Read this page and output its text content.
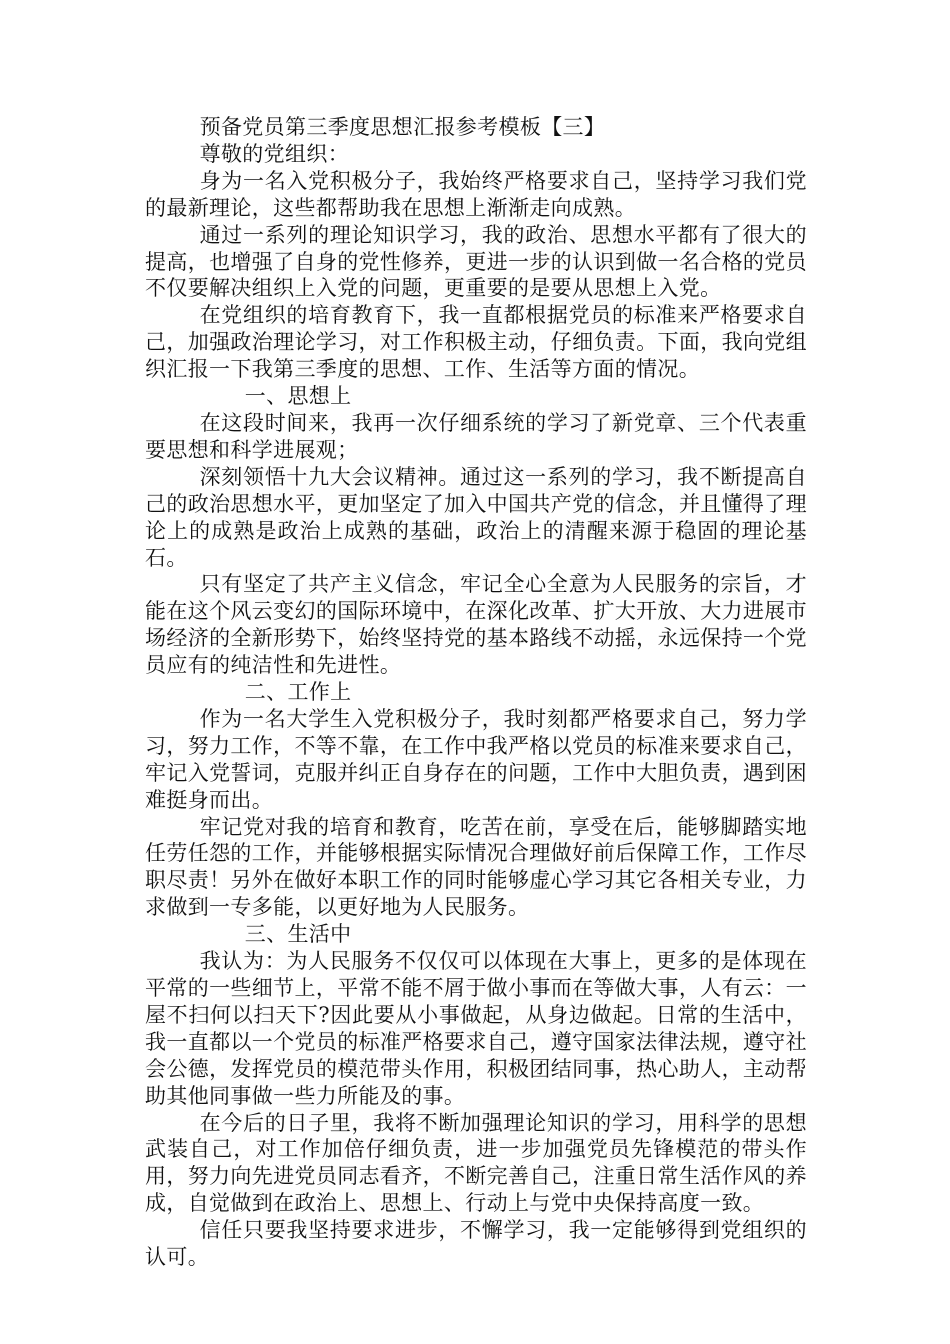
预备党员第三季度思想汇报参考模板【三】

尊敬的党组织：

身为一名入党积极分子，我始终严格要求自己，坚持学习我们党的最新理论，这些都帮助我在思想上渐渐走向成熟。

通过一系列的理论知识学习，我的政治、思想水平都有了很大的提高，也增强了自身的党性修养，更进一步的认识到做一名合格的党员不仅要解决组织上入党的问题，更重要的是要从思想上入党。

在党组织的培育教育下，我一直都根据党员的标准来严格要求自己，加强政治理论学习，对工作积极主动，仔细负责。下面，我向党组织汇报一下我第三季度的思想、工作、生活等方面的情况。

一、思想上

在这段时间来，我再一次仔细系统的学习了新党章、三个代表重要思想和科学进展观；

深刻领悟十九大会议精神。通过这一系列的学习，我不断提高自己的政治思想水平，更加坚定了加入中国共产党的信念，并且懂得了理论上的成熟是政治上成熟的基础，政治上的清醒来源于稳固的理论基石。

只有坚定了共产主义信念，牢记全心全意为人民服务的宗旨，才能在这个风云变幻的国际环境中，在深化改革、扩大开放、大力进展市场经济的全新形势下，始终坚持党的基本路线不动摇，永远保持一个党员应有的纯洁性和先进性。

二、工作上

作为一名大学生入党积极分子，我时刻都严格要求自己，努力学习，努力工作，不等不靠，在工作中我严格以党员的标准来要求自己，牢记入党誓词，克服并纠正自身存在的问题，工作中大胆负责，遇到困难挺身而出。

牢记党对我的培育和教育，吃苦在前，享受在后，能够脚踏实地任劳任怨的工作，并能够根据实际情况合理做好前后保障工作，工作尽职尽责！另外在做好本职工作的同时能够虚心学习其它各相关专业，力求做到一专多能，以更好地为人民服务。

三、生活中

我认为：为人民服务不仅仅可以体现在大事上，更多的是体现在平常的一些细节上，平常不能不屑于做小事而在等做大事，人有云：一屋不扫何以扫天下?因此要从小事做起，从身边做起。日常的生活中，我一直都以一个党员的标准严格要求自己，遵守国家法律法规，遵守社会公德，发挥党员的模范带头作用，积极团结同事，热心助人，主动帮助其他同事做一些力所能及的事。

在今后的日子里，我将不断加强理论知识的学习，用科学的思想武装自己，对工作加倍仔细负责，进一步加强党员先锋模范的带头作用，努力向先进党员同志看齐，不断完善自己，注重日常生活作风的养成，自觉做到在政治上、思想上、行动上与党中央保持高度一致。

信任只要我坚持要求进步，不懈学习，我一定能够得到党组织的认可。
